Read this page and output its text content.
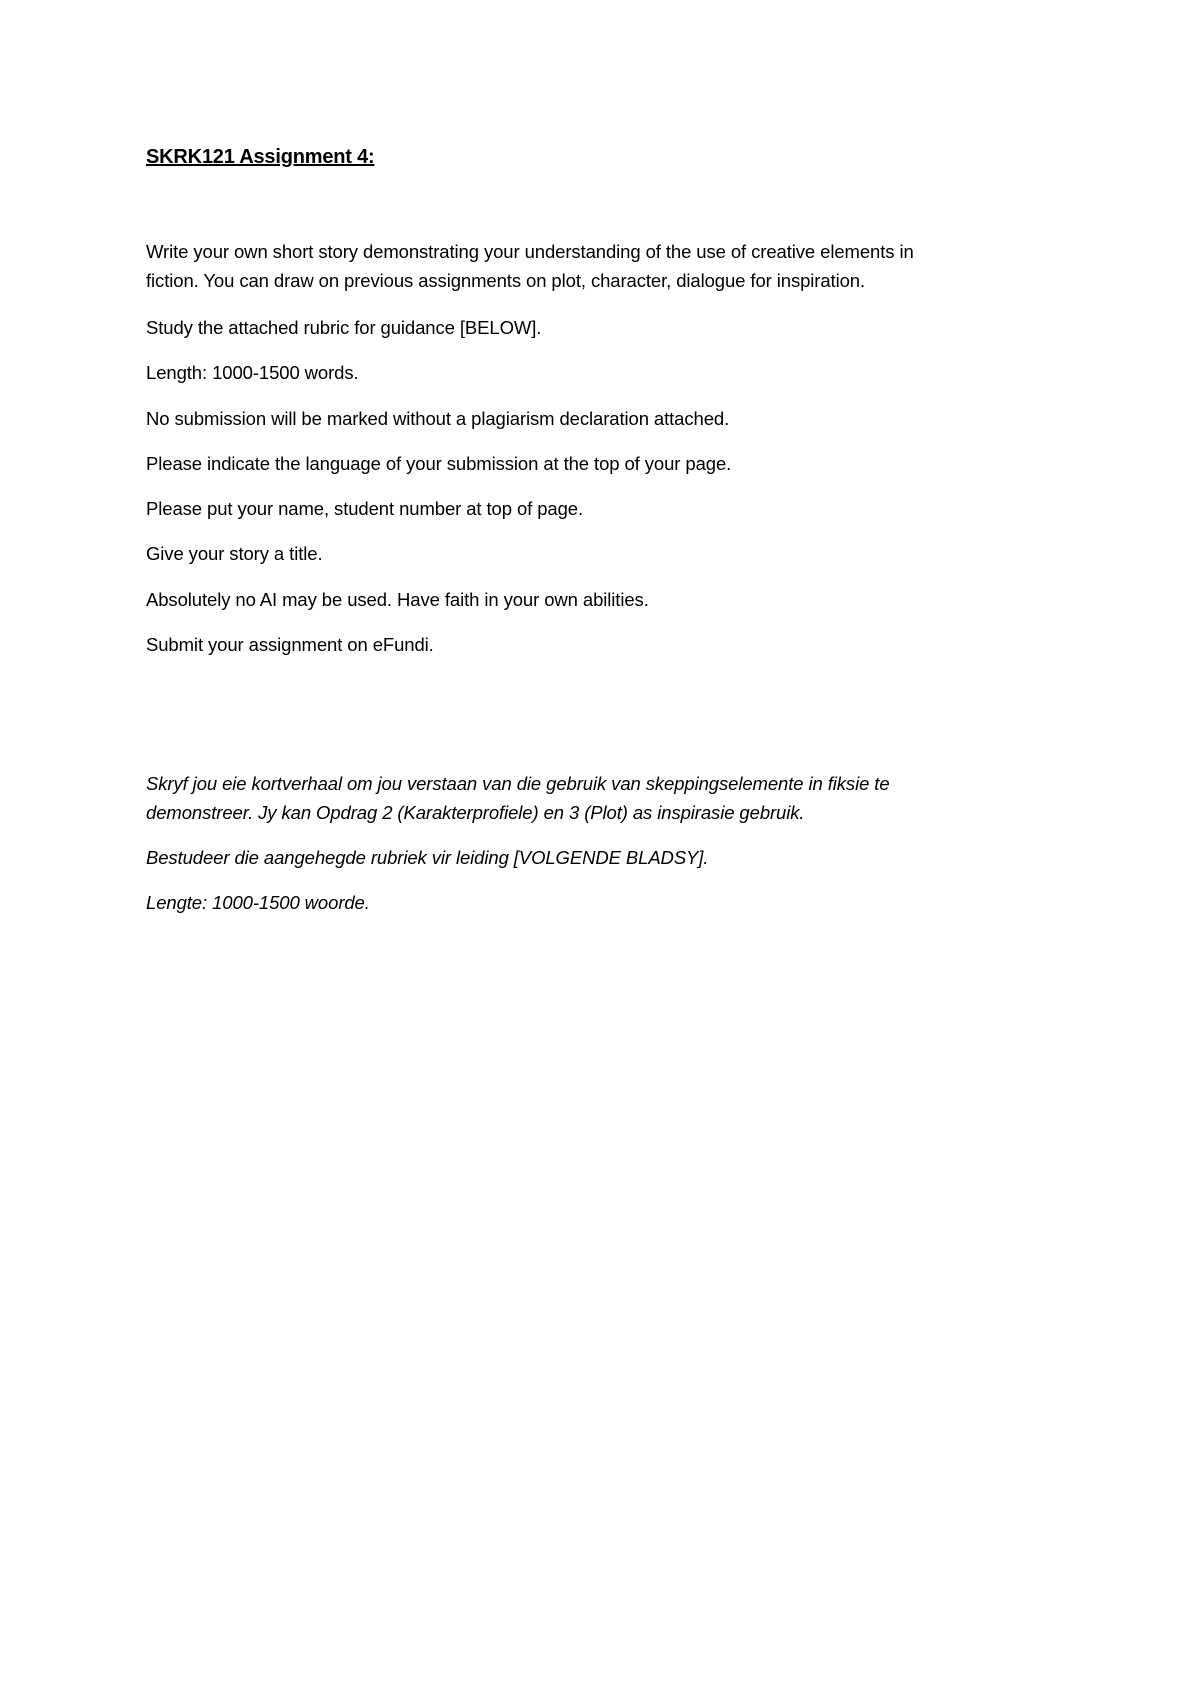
SKRK121 Assignment 4:

Write your own short story demonstrating your understanding of the use of creative elements in

fiction. You can draw on previous assignments on plot, character, dialogue for inspiration.

Study the attached rubric for guidance [BELOW].

Length: 1000-1500 words.

No submission will be marked without a plagiarism declaration attached.

Please indicate the language of your submission at the top of your page.

Please put your name, student number at top of page.

Give your story a title.

Absolutely no AI may be used. Have faith in your own abilities.

Submit your assignment on eFundi.

Skryf jou eie kortverhaal om jou verstaan van die gebruik van skeppingselemente in fiksie te

demonstreer. Jy kan Opdrag 2 (Karakterprofiele) en 3 (Plot) as inspirasie gebruik.

Bestudeer die aangehegde rubriek vir leiding [VOLGENDE BLADSY].

Lengte: 1000-1500 woorde.
